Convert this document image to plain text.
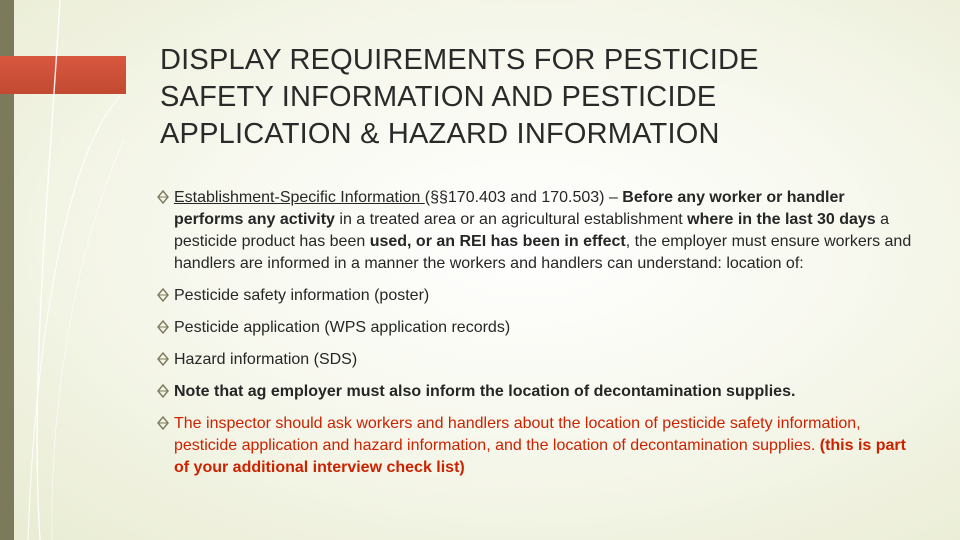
DISPLAY REQUIREMENTS FOR PESTICIDE
SAFETY INFORMATION AND PESTICIDE
APPLICATION & HAZARD INFORMATION
Establishment-Specific Information (§§170.403 and 170.503) – Before any worker or handler performs any activity in a treated area or an agricultural establishment where in the last 30 days a pesticide product has been used, or an REI has been in effect, the employer must ensure workers and handlers are informed in a manner the workers and handlers can understand: location of:
Pesticide safety information (poster)
Pesticide application (WPS application records)
Hazard information (SDS)
Note that ag employer must also inform the location of decontamination supplies.
The inspector should ask workers and handlers about the location of pesticide safety information, pesticide application and hazard information, and the location of decontamination supplies. (this is part of your additional interview check list)
